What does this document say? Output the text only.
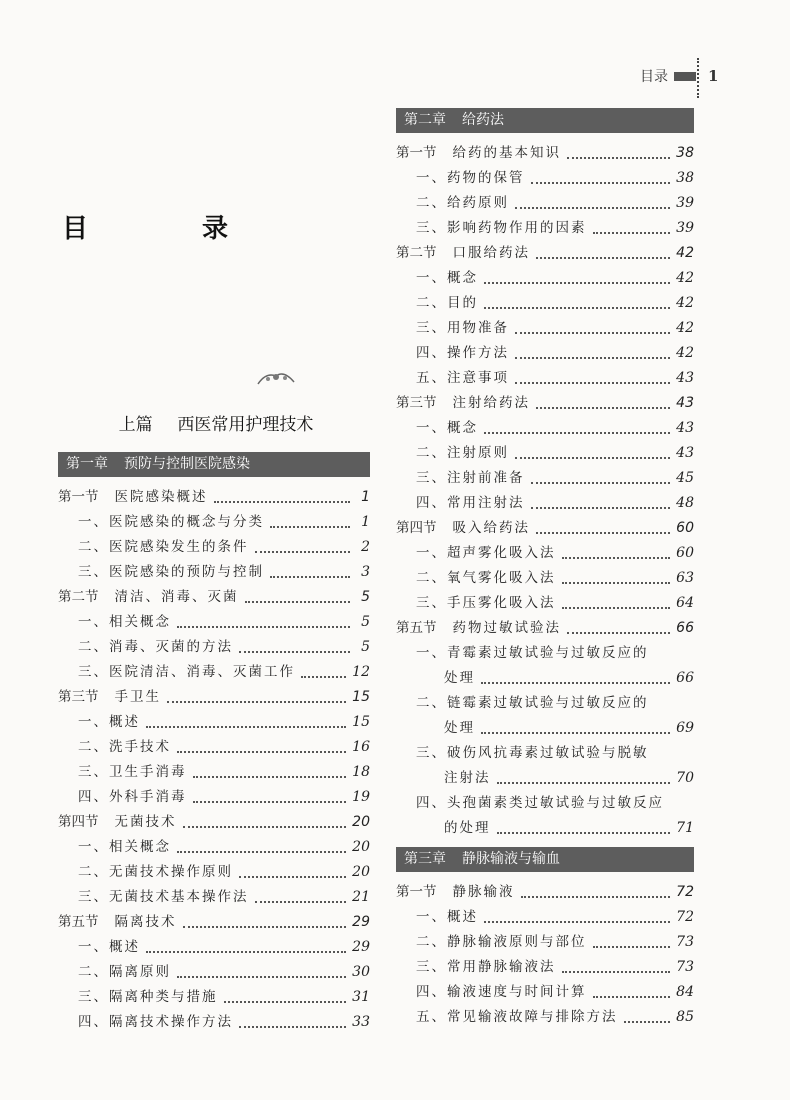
目录	1
目　录
上篇 西医常用护理技术
第一章 预防与控制医院感染
第一节 医院感染概述	1
一、医院感染的概念与分类	1
二、医院感染发生的条件	2
三、医院感染的预防与控制	3
第二节 清洁、消毒、灭菌	5
一、相关概念	5
二、消毒、灭菌的方法	5
三、医院清洁、消毒、灭菌工作	12
第三节 手卫生	15
一、概述	15
二、洗手技术	16
三、卫生手消毒	18
四、外科手消毒	19
第四节 无菌技术	20
一、相关概念	20
二、无菌技术操作原则	20
三、无菌技术基本操作法	21
第五节 隔离技术	29
一、概述	29
二、隔离原则	30
三、隔离种类与措施	31
四、隔离技术操作方法	33
第二章 给药法
第一节 给药的基本知识	38
一、药物的保管	38
二、给药原则	39
三、影响药物作用的因素	39
第二节 口服给药法	42
一、概念	42
二、目的	42
三、用物准备	42
四、操作方法	42
五、注意事项	43
第三节 注射给药法	43
一、概念	43
二、注射原则	43
三、注射前准备	45
四、常用注射法	48
第四节 吸入给药法	60
一、超声雾化吸入法	60
二、氧气雾化吸入法	63
三、手压雾化吸入法	64
第五节 药物过敏试验法	66
一、青霉素过敏试验与过敏反应的
处理	66
二、链霉素过敏试验与过敏反应的
处理	69
三、破伤风抗毒素过敏试验与脱敏
注射法	70
四、头孢菌素类过敏试验与过敏反应
的处理	71
第三章 静脉输液与输血
第一节 静脉输液	72
一、概述	72
二、静脉输液原则与部位	73
三、常用静脉输液法	73
四、输液速度与时间计算	84
五、常见输液故障与排除方法	85
